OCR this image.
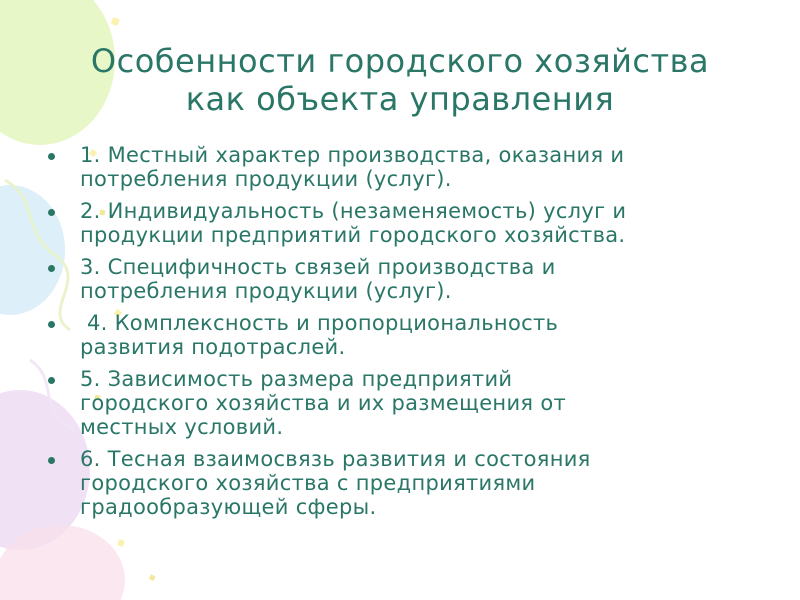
Особенности городского хозяйства
как объекта управления
1. Местный характер производства, оказания и
потребления продукции (услуг).
2. Индивидуальность (незаменяемость) услуг и
продукции предприятий городского хозяйства.
3. Специфичность связей производства и
потребления продукции (услуг).
4. Комплексность и пропорциональность
развития подотраслей.
5. Зависимость размера предприятий
городского хозяйства и их размещения от
местных условий.
6. Тесная взаимосвязь развития и состояния
городского хозяйства с предприятиями
градообразующей сферы.
